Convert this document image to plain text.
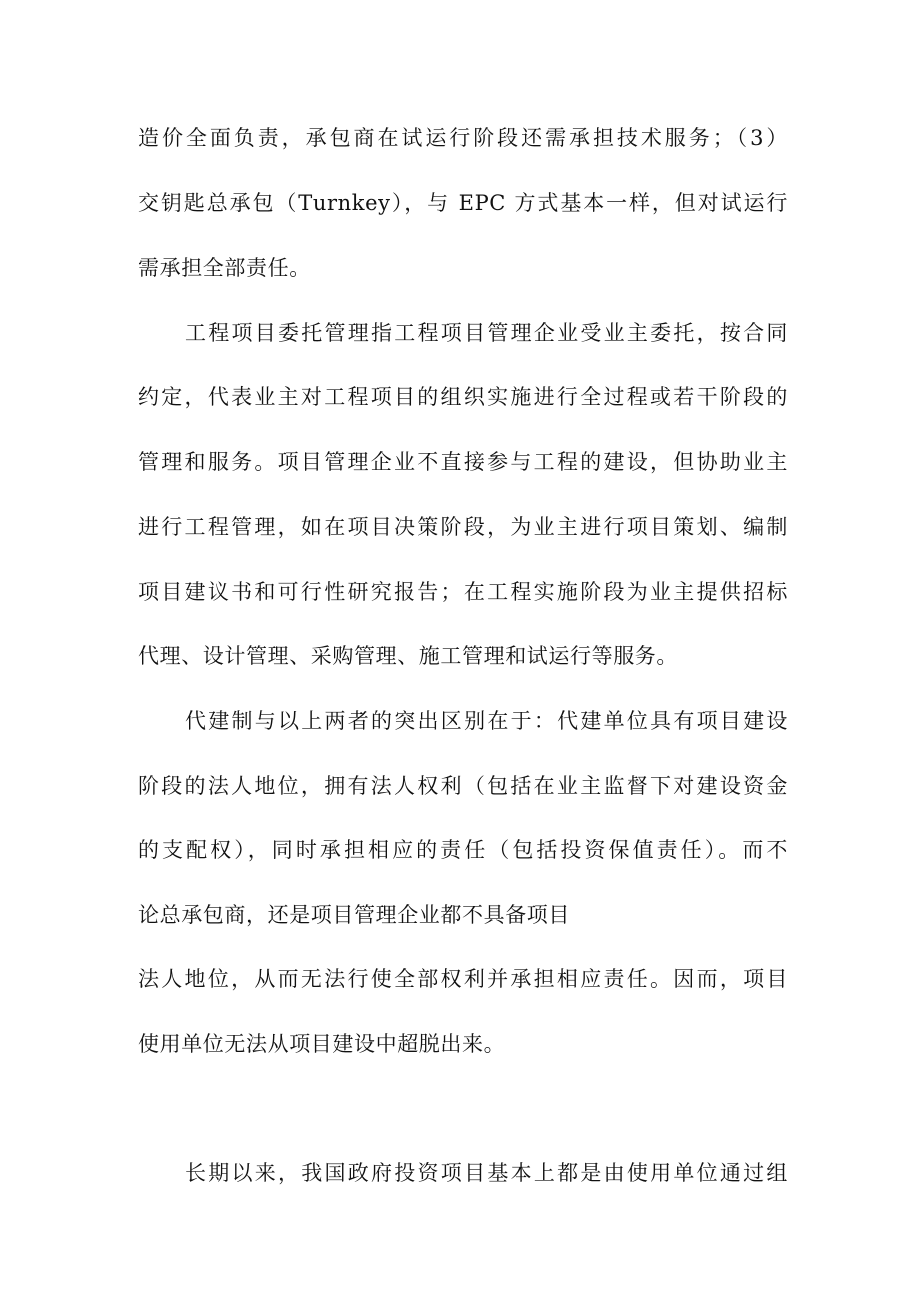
造价全面负责，承包商在试运行阶段还需承担技术服务；（3）
交钥匙总承包（Turnkey），与 EPC 方式基本一样，但对试运行
需承担全部责任。
工程项目委托管理指工程项目管理企业受业主委托，按合同
约定，代表业主对工程项目的组织实施进行全过程或若干阶段的
管理和服务。项目管理企业不直接参与工程的建设，但协助业主
进行工程管理，如在项目决策阶段，为业主进行项目策划、编制
项目建议书和可行性研究报告；在工程实施阶段为业主提供招标
代理、设计管理、采购管理、施工管理和试运行等服务。
代建制与以上两者的突出区别在于：代建单位具有项目建设
阶段的法人地位，拥有法人权利（包括在业主监督下对建设资金
的支配权），同时承担相应的责任（包括投资保值责任）。而不
论总承包商，还是项目管理企业都不具备项目
法人地位，从而无法行使全部权利并承担相应责任。因而，项目
使用单位无法从项目建设中超脱出来。
长期以来，我国政府投资项目基本上都是由使用单位通过组
